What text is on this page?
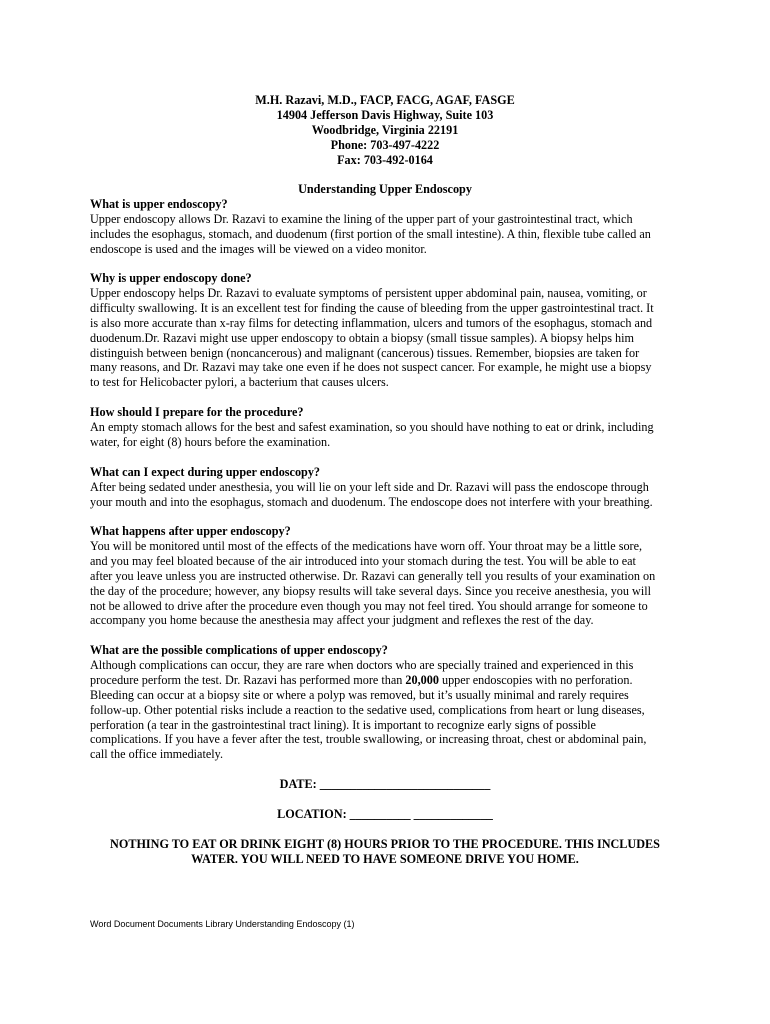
M.H. Razavi, M.D., FACP, FACG, AGAF, FASGE
14904 Jefferson Davis Highway, Suite 103
Woodbridge, Virginia 22191
Phone: 703-497-4222
Fax: 703-492-0164
Understanding Upper Endoscopy
What is upper endoscopy?
Upper endoscopy allows Dr. Razavi to examine the lining of the upper part of your gastrointestinal tract, which
includes the esophagus, stomach, and duodenum (first portion of the small intestine). A thin, flexible tube called an
endoscope is used and the images will be viewed on a video monitor.
Why is upper endoscopy done?
Upper endoscopy helps Dr. Razavi to evaluate symptoms of persistent upper abdominal pain, nausea, vomiting, or
difficulty swallowing. It is an excellent test for finding the cause of bleeding from the upper gastrointestinal tract. It
is also more accurate than x-ray films for detecting inflammation, ulcers and tumors of the esophagus, stomach and
duodenum.Dr. Razavi might use upper endoscopy to obtain a biopsy (small tissue samples). A biopsy helps him
distinguish between benign (noncancerous) and malignant (cancerous) tissues. Remember, biopsies are taken for
many reasons, and Dr. Razavi may take one even if he does not suspect cancer. For example, he might use a biopsy
to test for Helicobacter pylori, a bacterium that causes ulcers.
How should I prepare for the procedure?
An empty stomach allows for the best and safest examination, so you should have nothing to eat or drink, including
water, for eight (8) hours before the examination.
What can I expect during upper endoscopy?
After being sedated under anesthesia, you will lie on your left side and Dr. Razavi will pass the endoscope through
your mouth and into the esophagus, stomach and duodenum. The endoscope does not interfere with your breathing.
What happens after upper endoscopy?
You will be monitored until most of the effects of the medications have worn off. Your throat may be a little sore,
and you may feel bloated because of the air introduced into your stomach during the test. You will be able to eat
after you leave unless you are instructed otherwise. Dr. Razavi can generally tell you results of your examination on
the day of the procedure; however, any biopsy results will take several days. Since you receive anesthesia, you will
not be allowed to drive after the procedure even though you may not feel tired. You should arrange for someone to
accompany you home because the anesthesia may affect your judgment and reflexes the rest of the day.
What are the possible complications of upper endoscopy?
Although complications can occur, they are rare when doctors who are specially trained and experienced in this
procedure perform the test. Dr. Razavi has performed more than 20,000 upper endoscopies with no perforation.
Bleeding can occur at a biopsy site or where a polyp was removed, but it’s usually minimal and rarely requires
follow-up. Other potential risks include a reaction to the sedative used, complications from heart or lung diseases,
perforation (a tear in the gastrointestinal tract lining). It is important to recognize early signs of possible
complications. If you have a fever after the test, trouble swallowing, or increasing throat, chest or abdominal pain,
call the office immediately.
DATE: ____________________________
LOCATION: __________ _____________
NOTHING TO EAT OR DRINK EIGHT (8) HOURS PRIOR TO THE PROCEDURE. THIS INCLUDES
WATER. YOU WILL NEED TO HAVE SOMEONE DRIVE YOU HOME.
Word Document Documents Library Understanding Endoscopy (1)
